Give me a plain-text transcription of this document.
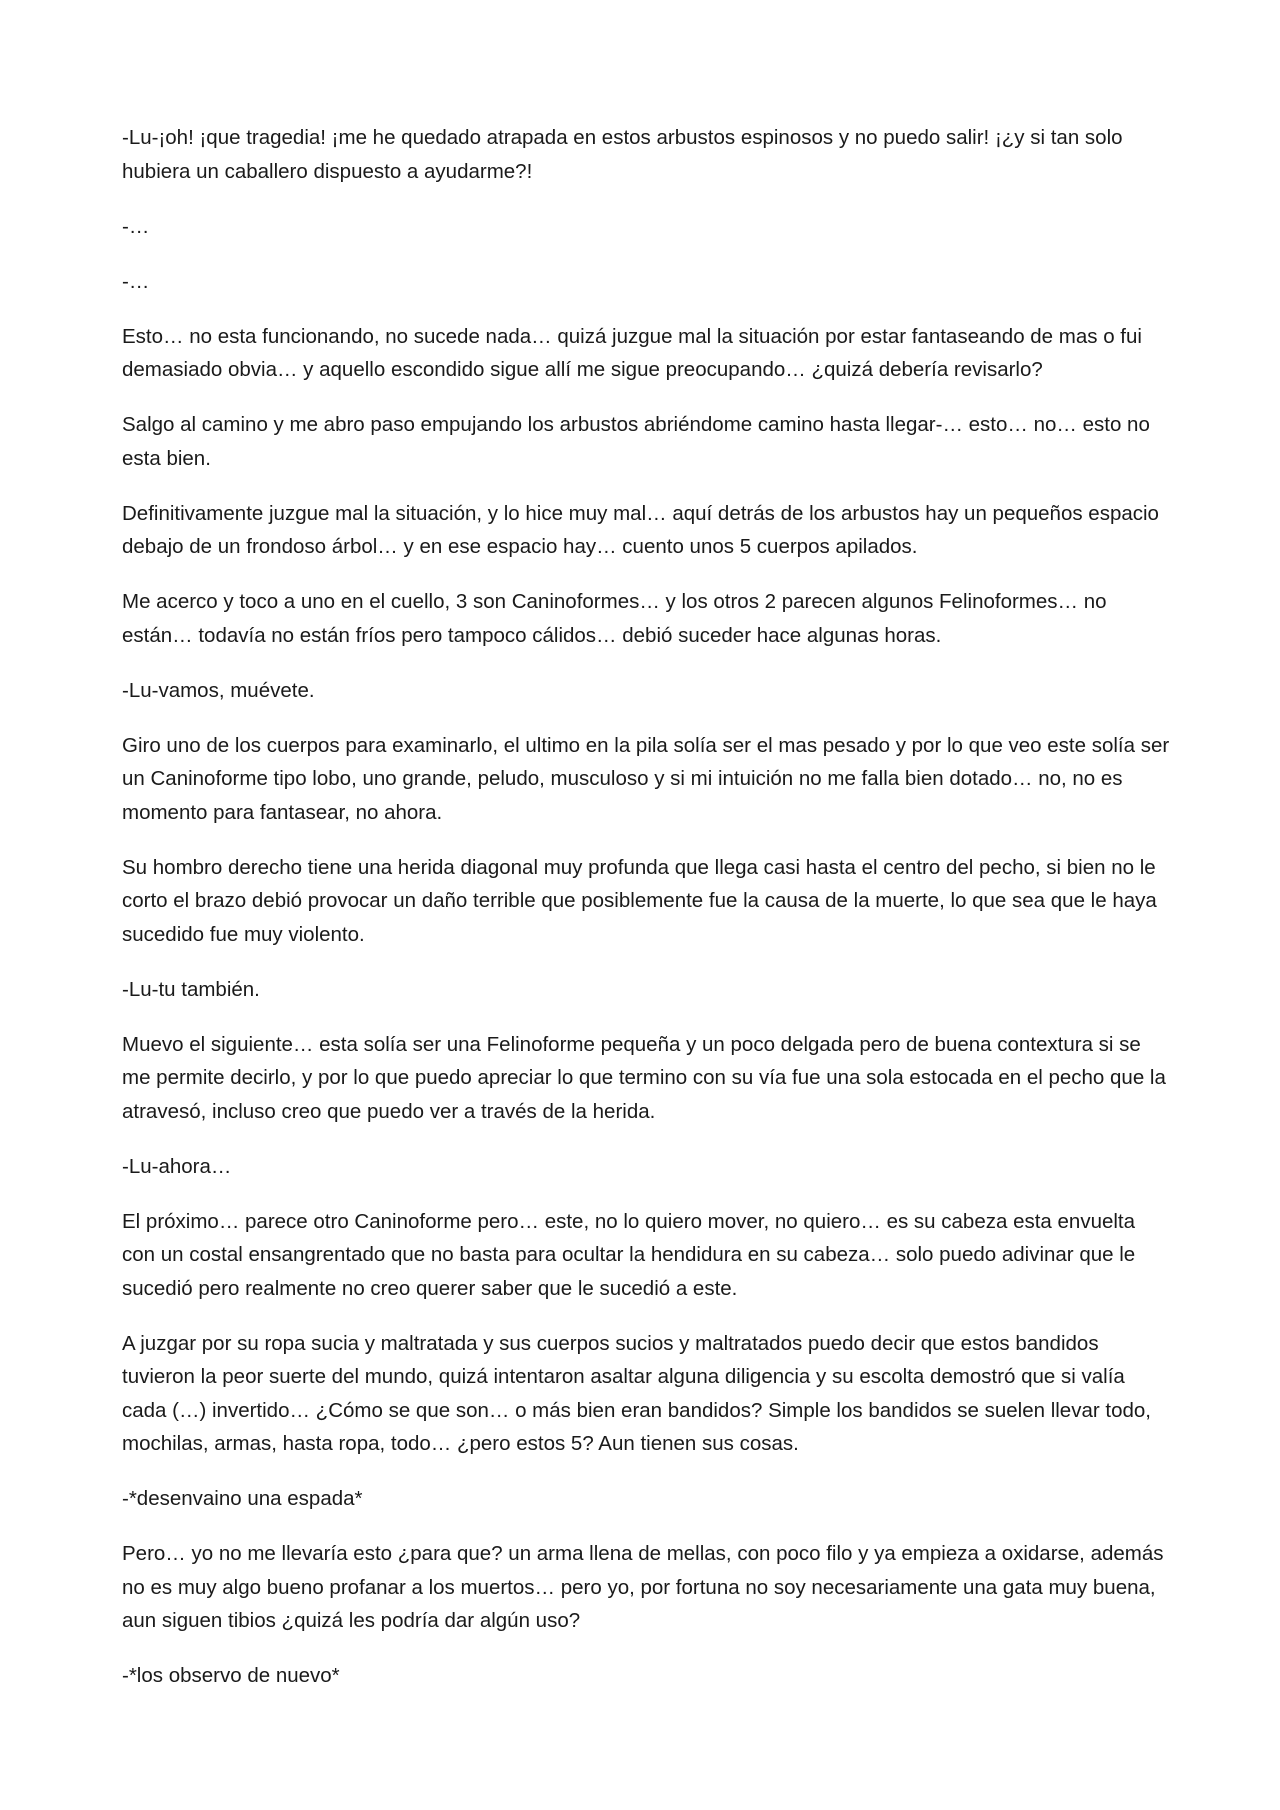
-Lu-¡oh! ¡que tragedia! ¡me he quedado atrapada en estos arbustos espinosos y no puedo salir! ¡¿y si tan solo hubiera un caballero dispuesto a ayudarme?!

-…

-…

Esto… no esta funcionando, no sucede nada… quizá juzgue mal la situación por estar fantaseando de mas o fui demasiado obvia… y aquello escondido sigue allí me sigue preocupando… ¿quizá debería revisarlo?

Salgo al camino y me abro paso empujando los arbustos abriéndome camino hasta llegar-… esto… no… esto no esta bien.

Definitivamente juzgue mal la situación, y lo hice muy mal… aquí detrás de los arbustos hay un pequeños espacio debajo de un frondoso árbol… y en ese espacio hay… cuento unos 5 cuerpos apilados.

Me acerco y toco a uno en el cuello, 3 son Caninoformes… y los otros 2 parecen algunos Felinoformes… no están… todavía no están fríos pero tampoco cálidos… debió suceder hace algunas horas.

-Lu-vamos, muévete.

Giro uno de los cuerpos para examinarlo, el ultimo en la pila solía ser el mas pesado y por lo que veo este solía ser un Caninoforme tipo lobo, uno grande, peludo, musculoso y si mi intuición no me falla bien dotado… no, no es momento para fantasear, no ahora.

Su hombro derecho tiene una herida diagonal muy profunda que llega casi hasta el centro del pecho, si bien no le corto el brazo debió provocar un daño terrible que posiblemente fue la causa de la muerte, lo que sea que le haya sucedido fue muy violento.

-Lu-tu también.

Muevo el siguiente… esta solía ser una Felinoforme pequeña y un poco delgada pero de buena contextura si se me permite decirlo, y por lo que puedo apreciar lo que termino con su vía fue una sola estocada en el pecho que la atravesó, incluso creo que puedo ver a través de la herida.

-Lu-ahora…

El próximo… parece otro Caninoforme pero… este, no lo quiero mover, no quiero… es su cabeza esta envuelta con un costal ensangrentado que no basta para ocultar la hendidura en su cabeza… solo puedo adivinar que le sucedió pero realmente no creo querer saber que le sucedió a este.

A juzgar por su ropa sucia y maltratada y sus cuerpos sucios y maltratados puedo decir que estos bandidos tuvieron la peor suerte del mundo, quizá intentaron asaltar alguna diligencia y su escolta demostró que si valía cada (…) invertido… ¿Cómo se que son… o más bien eran bandidos? Simple los bandidos se suelen llevar todo, mochilas, armas, hasta ropa, todo… ¿pero estos 5? Aun tienen sus cosas.

-*desenvaino una espada*

Pero… yo no me llevaría esto ¿para que? un arma llena de mellas, con poco filo y ya empieza a oxidarse, además no es muy algo bueno profanar a los muertos… pero yo, por fortuna no soy necesariamente una gata muy buena, aun siguen tibios ¿quizá les podría dar algún uso?

-*los observo de nuevo*
